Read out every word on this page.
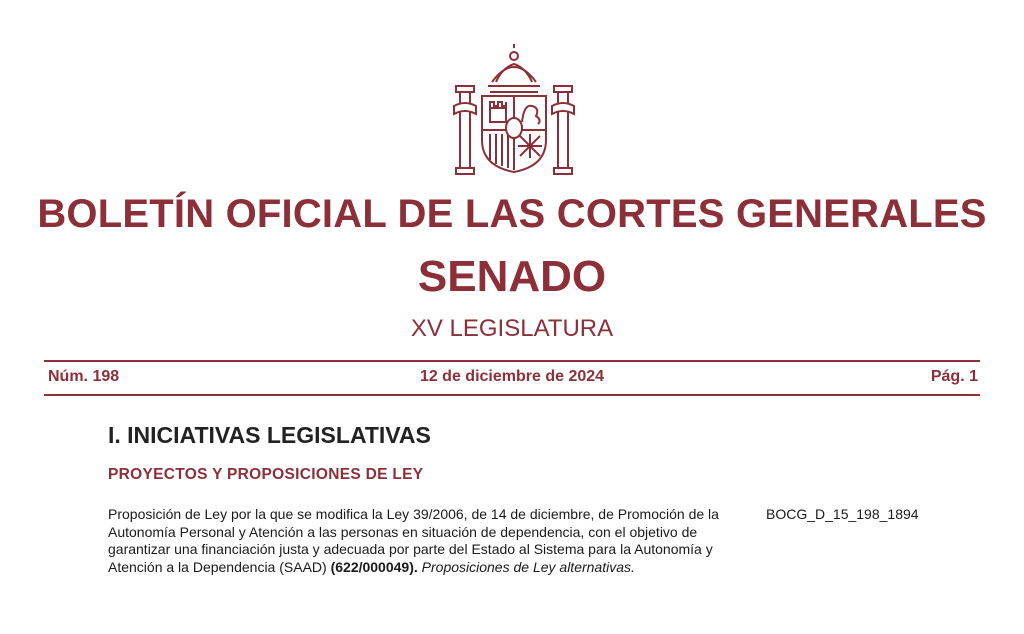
BOLETÍN OFICIAL DE LAS CORTES GENERALES
SENADO
XV LEGISLATURA
Núm. 198	12 de diciembre de 2024	Pág. 1
I. INICIATIVAS LEGISLATIVAS
PROYECTOS Y PROPOSICIONES DE LEY
Proposición de Ley por la que se modifica la Ley 39/2006, de 14 de diciembre, de Promoción de la Autonomía Personal y Atención a las personas en situación de dependencia, con el objetivo de garantizar una financiación justa y adecuada por parte del Estado al Sistema para la Autonomía y Atención a la Dependencia (SAAD) (622/000049). Proposiciones de Ley alternativas.
BOCG_D_15_198_1894
